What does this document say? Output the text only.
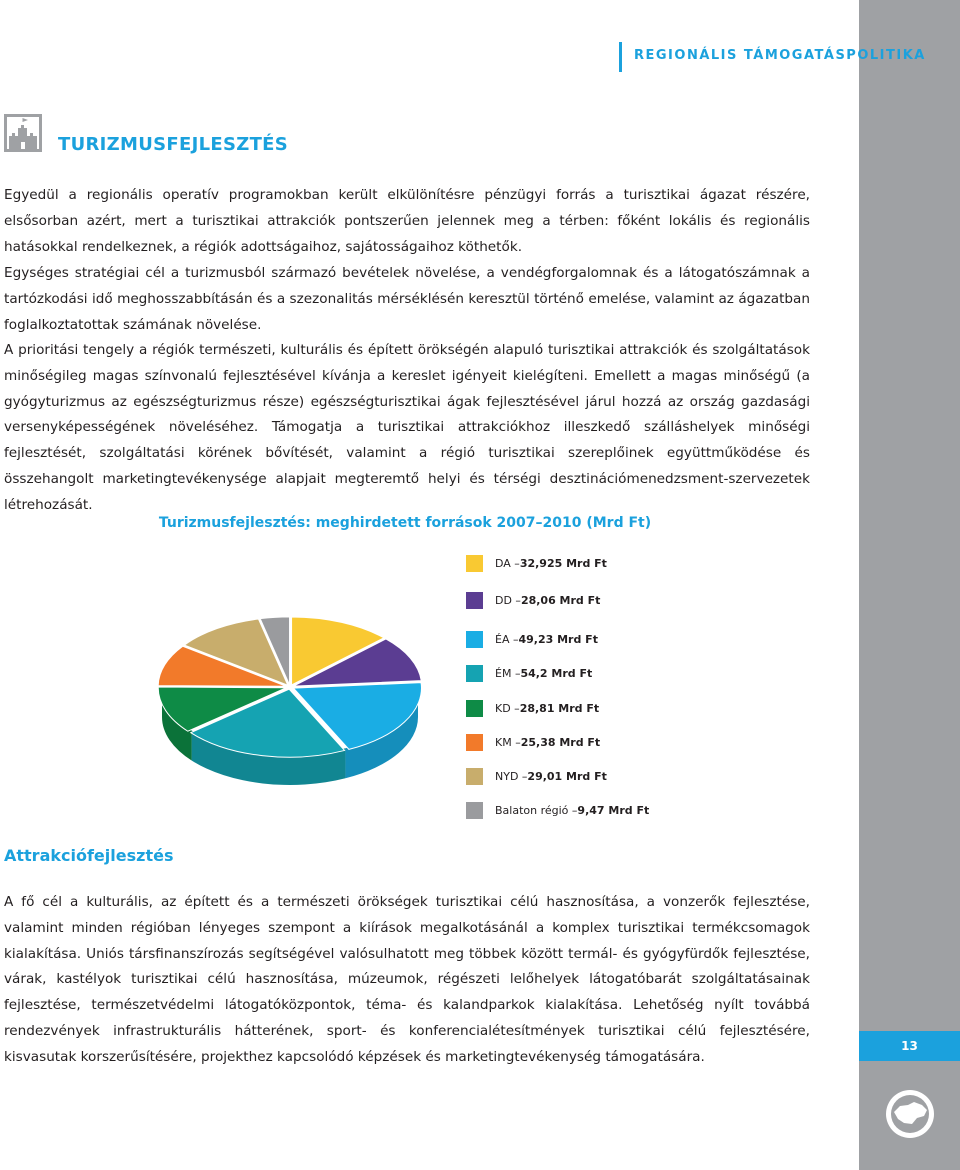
13
REGIONÁLIS TÁMOGATÁSPOLITIKA
TURIZMUSFEJLESZTÉS

Egyedül a regionális operatív programokban került elkülönítésre pénzügyi forrás a turisztikai ágazat részére, elsősorban azért, mert a turisztikai attrakciók pontszerűen jelennek meg a térben: főként lokális és regionális hatásokkal rendelkeznek, a régiók adottságaihoz, sajátosságaihoz köthetők.

Egységes stratégiai cél a turizmusból származó bevételek növelése, a vendégforgalomnak és a látogatószámnak a tartózkodási idő meghosszabbításán és a szezonalitás mérséklésén keresztül történő emelése, valamint az ágazatban foglalkoztatottak számának növelése.

A prioritási tengely a régiók természeti, kulturális és épített örökségén alapuló turisztikai attrakciók és szolgáltatások minőségileg magas színvonalú fejlesztésével kívánja a kereslet igényeit kielégíteni. Emellett a magas minőségű (a gyógyturizmus az egészségturizmus része) egészségturisztikai ágak fejlesztésével járul hozzá az ország gazdasági versenyképességének növeléséhez. Támogatja a turisztikai attrakciókhoz illeszkedő szálláshelyek minőségi fejlesztését, szolgáltatási körének bővítését, valamint a régió turisztikai szereplőinek együttműködése és összehangolt marketingtevékenysége alapjait megteremtő helyi és térségi desztinációmenedzsment-szervezetek létrehozását.

Turizmusfejlesztés: meghirdetett források 2007–2010 (Mrd Ft)
DA – 32,925 Mrd Ft
DD – 28,06 Mrd Ft
ÉA – 49,23 Mrd Ft
ÉM – 54,2 Mrd Ft
KD – 28,81 Mrd Ft
KM – 25,38 Mrd Ft
NYD – 29,01 Mrd Ft
Balaton régió – 9,47 Mrd Ft
Attrakciófejlesztés

A fő cél a kulturális, az épített és a természeti örökségek turisztikai célú hasznosítása, a vonzerők fejlesztése, valamint minden régióban lényeges szempont a kiírások megalkotásánál a komplex turisztikai termékcsomagok kialakítása. Uniós társfinanszírozás segítségével valósulhatott meg többek között termál- és gyógyfürdők fejlesztése, várak, kastélyok turisztikai célú hasznosítása, múzeumok, régészeti lelőhelyek látogatóbarát szolgáltatásainak fejlesztése, természetvédelmi látogatóközpontok, téma- és kalandparkok kialakítása. Lehetőség nyílt továbbá rendezvények infrastrukturális hátterének, sport- és konferencialétesítmények turisztikai célú fejlesztésére, kisvasutak korszerűsítésére, projekthez kapcsolódó képzések és marketingtevékenység támogatására.
